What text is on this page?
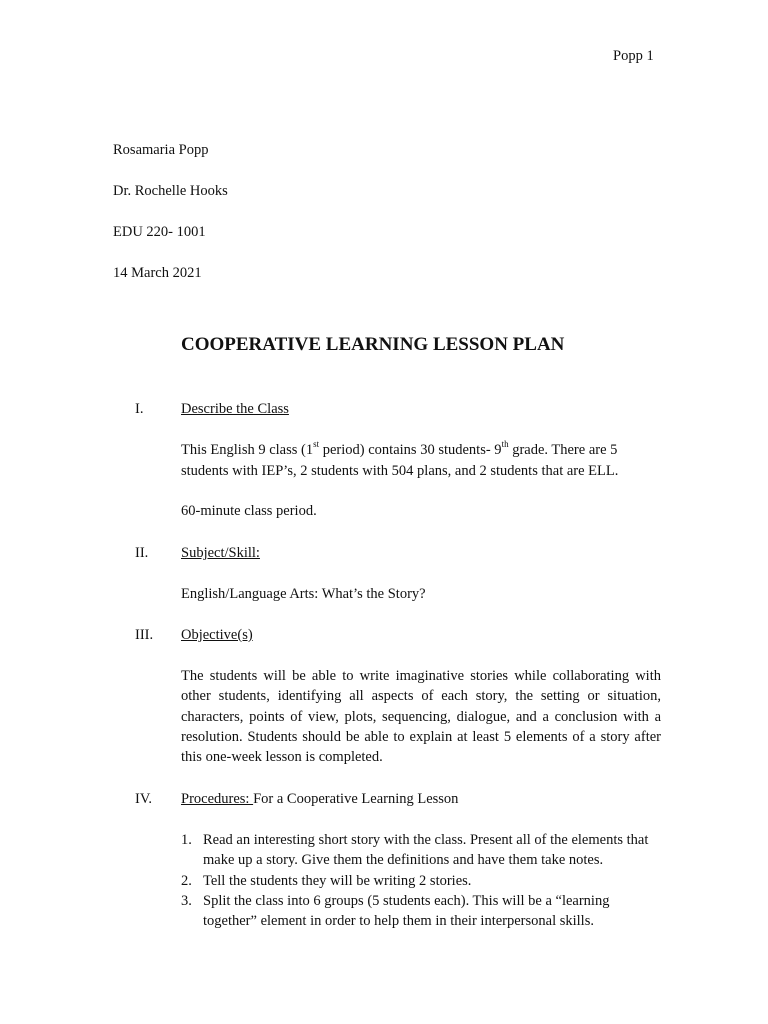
Popp 1
Rosamaria Popp
Dr. Rochelle Hooks
EDU 220- 1001
14 March 2021
COOPERATIVE LEARNING LESSON PLAN
I.	Describe the Class
This English 9 class (1st period) contains 30 students- 9th grade. There are 5
students with IEP’s, 2 students with 504 plans, and 2 students that are ELL.
60-minute class period.
II. Subject/Skill:
English/Language Arts: What’s the Story?
III. Objective(s)
The students will be able to write imaginative stories while collaborating with other students, identifying all aspects of each story, the setting or situation, characters, points of view, plots, sequencing, dialogue, and a conclusion with a resolution. Students should be able to explain at least 5 elements of a story after this one-week lesson is completed.
IV. Procedures: For a Cooperative Learning Lesson
1. Read an interesting short story with the class. Present all of the elements that make up a story. Give them the definitions and have them take notes.
2. Tell the students they will be writing 2 stories.
3. Split the class into 6 groups (5 students each). This will be a “learning together” element in order to help them in their interpersonal skills.
